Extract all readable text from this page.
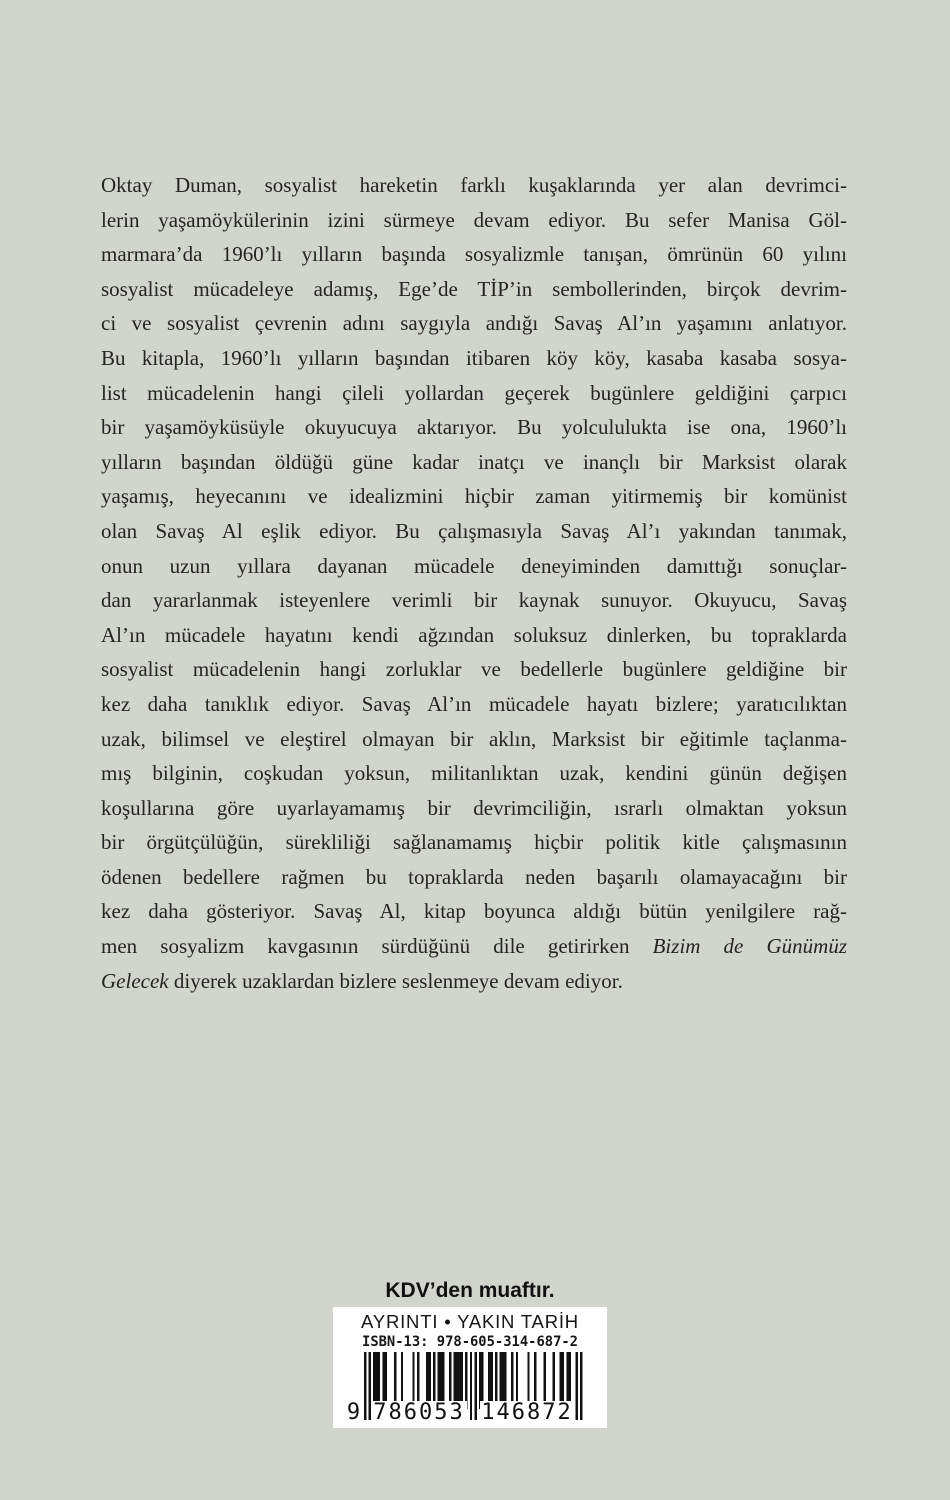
Oktay Duman, sosyalist hareketin farklı kuşaklarında yer alan devrimci-
lerin yaşamöykülerinin izini sürmeye devam ediyor. Bu sefer Manisa Göl-
marmara’da 1960’lı yılların başında sosyalizmle tanışan, ömrünün 60 yılını
sosyalist mücadeleye adamış, Ege’de TİP’in sembollerinden, birçok devrim-
ci ve sosyalist çevrenin adını saygıyla andığı Savaş Al’ın yaşamını anlatıyor.
Bu kitapla, 1960’lı yılların başından itibaren köy köy, kasaba kasaba sosya-
list mücadelenin hangi çileli yollardan geçerek bugünlere geldiğini çarpıcı
bir yaşamöyküsüyle okuyucuya aktarıyor. Bu yolcululukta ise ona, 1960’lı
yılların başından öldüğü güne kadar inatçı ve inançlı bir Marksist olarak
yaşamış, heyecanını ve idealizmini hiçbir zaman yitirmemiş bir komünist
olan Savaş Al eşlik ediyor. Bu çalışmasıyla Savaş Al’ı yakından tanımak,
onun uzun yıllara dayanan mücadele deneyiminden damıttığı sonuçlar-
dan yararlanmak isteyenlere verimli bir kaynak sunuyor. Okuyucu, Savaş
Al’ın mücadele hayatını kendi ağzından soluksuz dinlerken, bu topraklarda
sosyalist mücadelenin hangi zorluklar ve bedellerle bugünlere geldiğine bir
kez daha tanıklık ediyor. Savaş Al’ın mücadele hayatı bizlere; yaratıcılıktan
uzak, bilimsel ve eleştirel olmayan bir aklın, Marksist bir eğitimle taçlanma-
mış bilginin, coşkudan yoksun, militanlıktan uzak, kendini günün değişen
koşullarına göre uyarlayamamış bir devrimciliğin, ısrarlı olmaktan yoksun
bir örgütçülüğün, sürekliliği sağlanamamış hiçbir politik kitle çalışmasının
ödenen bedellere rağmen bu topraklarda neden başarılı olamayacağını bir
kez daha gösteriyor. Savaş Al, kitap boyunca aldığı bütün yenilgilere rağ-
men sosyalizm kavgasının sürdüğünü dile getirirken Bizim de Günümüz
Gelecek diyerek uzaklardan bizlere seslenmeye devam ediyor.
KDV’den muaftır.
AYRINTI • YAKIN TARİH
ISBN-13: 978-605-314-687-2
9 786053 146872
